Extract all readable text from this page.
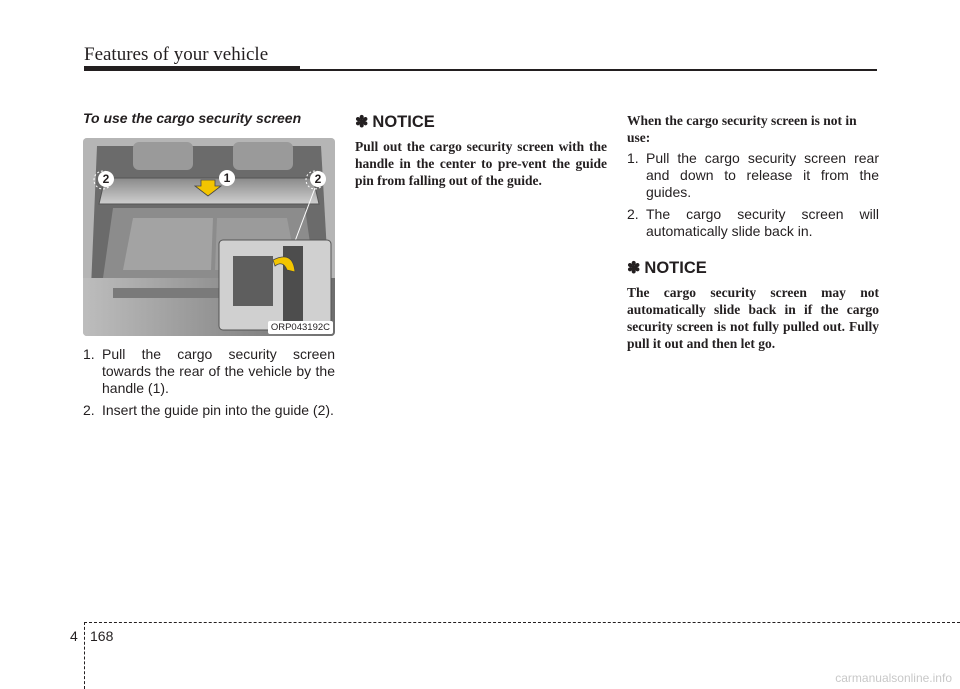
Features of your vehicle
To use the cargo security screen
2	1	2
ORP043192C
1. Pull the cargo security screen towards the rear of the vehicle by the handle (1).
2. Insert the guide pin into the guide (2).
✽ NOTICE

Pull out the cargo security screen with the handle in the center to pre-vent the guide pin from falling out of the guide.

When the cargo security screen is not in use:
1. Pull the cargo security screen rear and down to release it from the guides.
2. The cargo security screen will automatically slide back in.
✽ NOTICE

The cargo security screen may not automatically slide back in if the cargo security screen is not fully pulled out. Fully pull it out and then let go.

4 168
carmanualsonline.info
